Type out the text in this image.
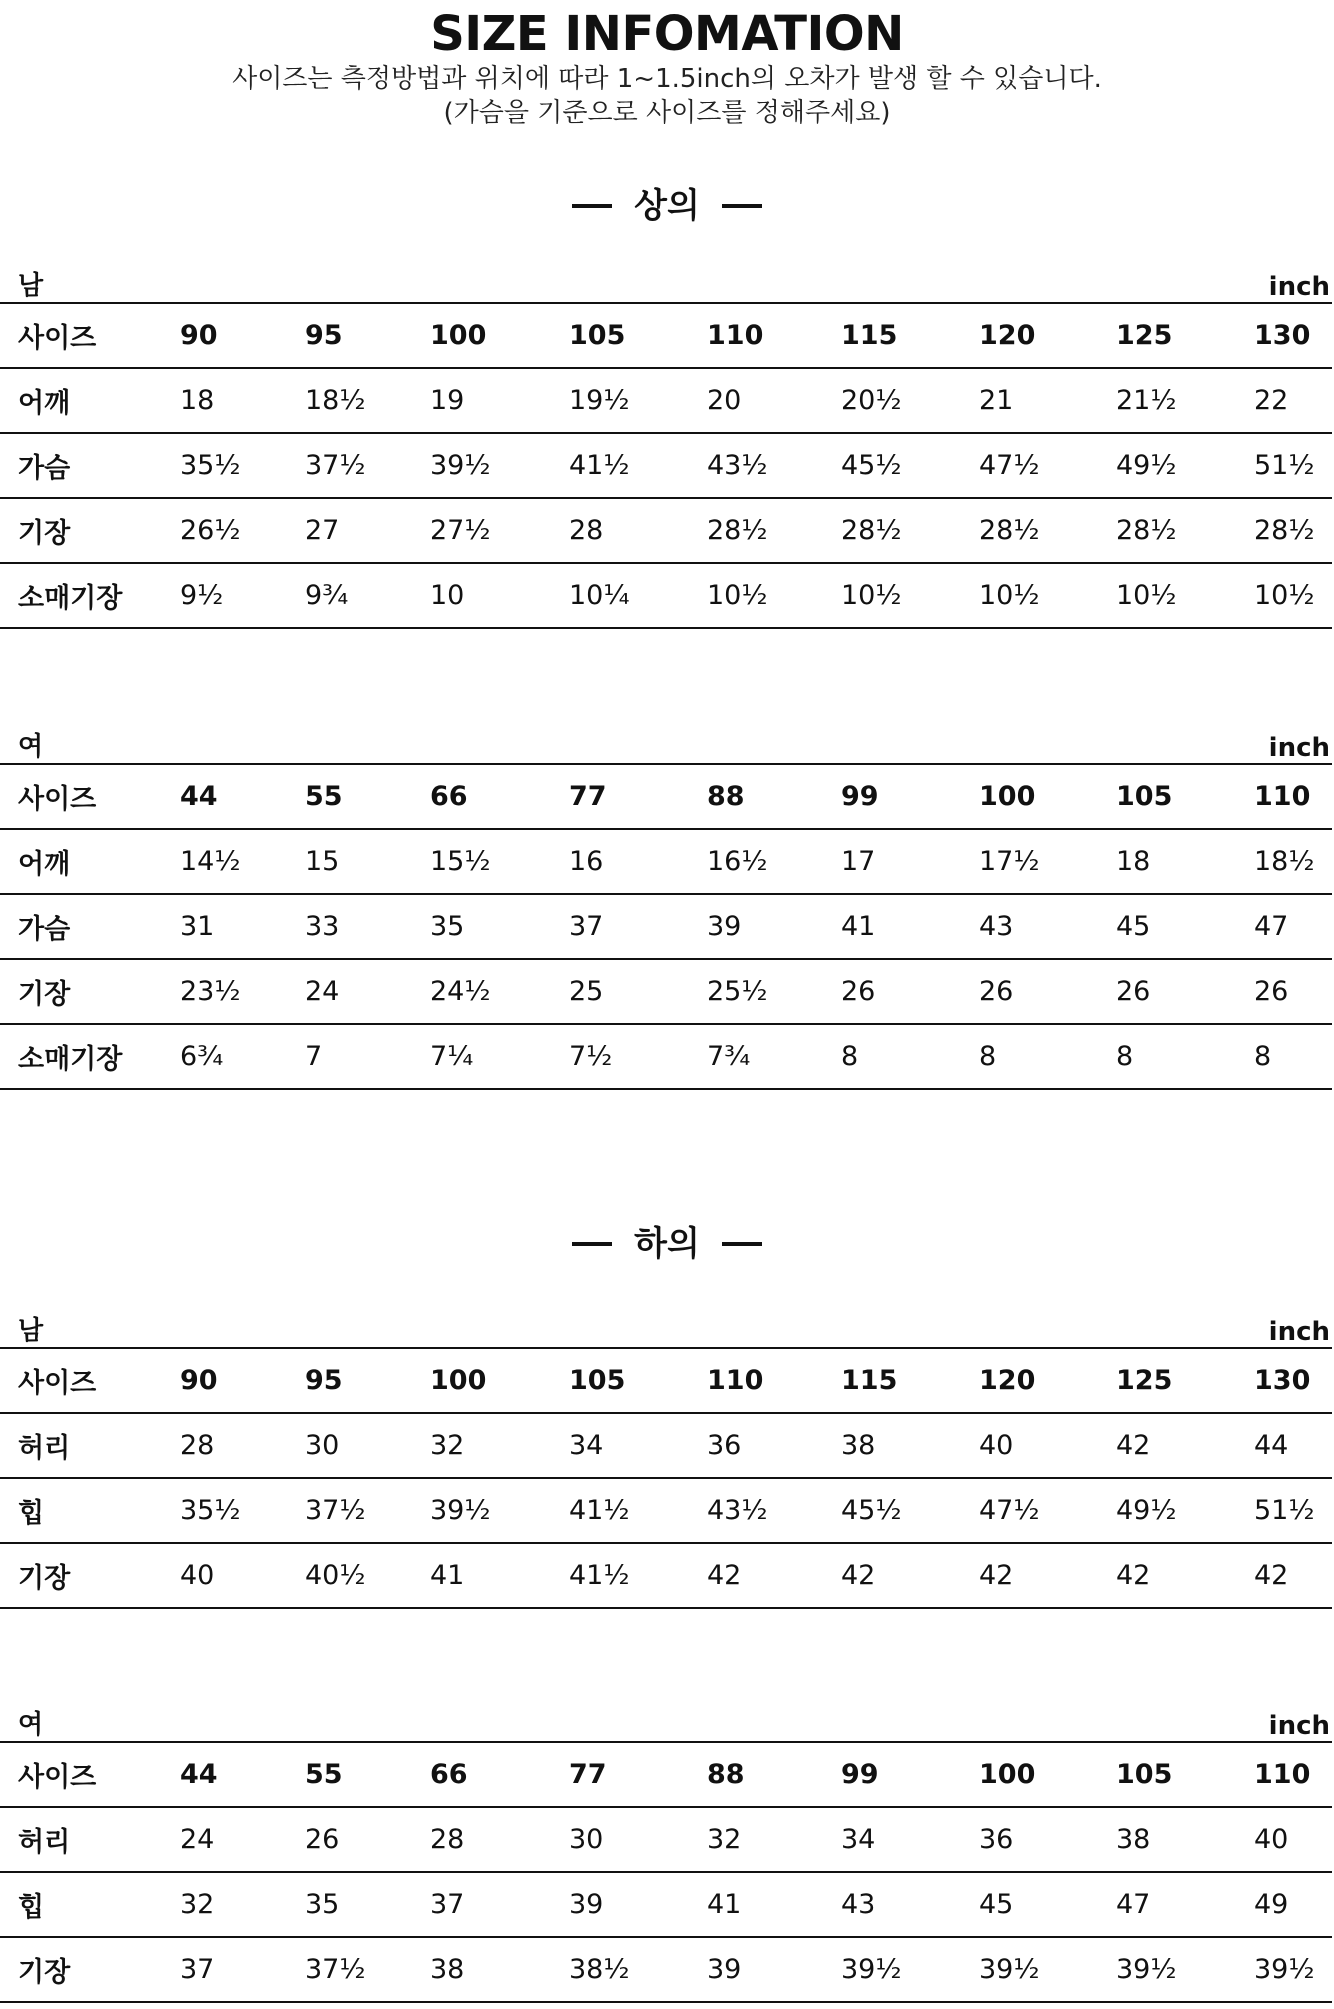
SIZE INFOMATION
사이즈는 측정방법과 위치에 따라 1~1.5inch의 오차가 발생 할 수 있습니다.
(가슴을 기준으로 사이즈를 정해주세요)
상의
남	inch
사이즈	90	95	100	105	110	115	120	125	130
어깨	18	18½	19	19½	20	20½	21	21½	22
가슴	35½	37½	39½	41½	43½	45½	47½	49½	51½
기장	26½	27	27½	28	28½	28½	28½	28½	28½
소매기장	9½	9¾	10	10¼	10½	10½	10½	10½	10½
여	inch
사이즈	44	55	66	77	88	99	100	105	110
어깨	14½	15	15½	16	16½	17	17½	18	18½
가슴	31	33	35	37	39	41	43	45	47
기장	23½	24	24½	25	25½	26	26	26	26
소매기장	6¾	7	7¼	7½	7¾	8	8	8	8
하의
남	inch
사이즈	90	95	100	105	110	115	120	125	130
허리	28	30	32	34	36	38	40	42	44
힙	35½	37½	39½	41½	43½	45½	47½	49½	51½
기장	40	40½	41	41½	42	42	42	42	42
여	inch
사이즈	44	55	66	77	88	99	100	105	110
허리	24	26	28	30	32	34	36	38	40
힙	32	35	37	39	41	43	45	47	49
기장	37	37½	38	38½	39	39½	39½	39½	39½
